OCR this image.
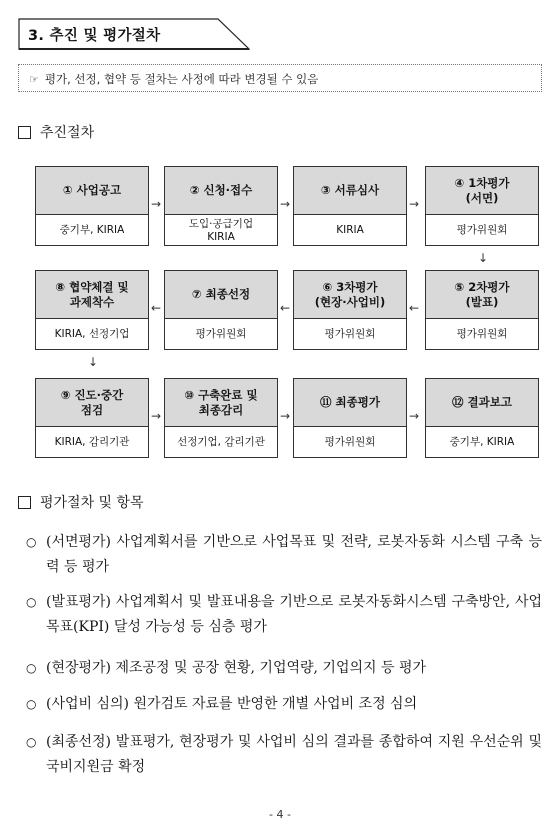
3. 추진 및 평가절차
☞ 평가, 선정, 협약 등 절차는 사정에 따라 변경될 수 있음
추진절차
① 사업공고
중기부, KIRIA
② 신청·접수
도입·공급기업
KIRIA
③ 서류심사
KIRIA
④ 1차평가
(서면)
평가위원회
⑤ 2차평가
(발표)
평가위원회
⑥ 3차평가
(현장·사업비)
평가위원회
⑦ 최종선정
평가위원회
⑧ 협약체결 및
과제착수
KIRIA, 선정기업
⑨ 진도·중간
점검
KIRIA, 감리기관
⑩ 구축완료 및
최종감리
선정기업, 감리기관
⑪ 최종평가
평가위원회
⑫ 결과보고
중기부, KIRIA
→
←
→
→
←
→
→
←
→
↓
↓
평가절차 및 항목
○ (서면평가) 사업계획서를 기반으로 사업목표 및 전략, 로봇자동화 시스템 구축 능력 등 평가
○ (발표평가) 사업계획서 및 발표내용을 기반으로 로봇자동화시스템 구축방안, 사업목표(KPI) 달성 가능성 등 심층 평가
○ (현장평가) 제조공정 및 공장 현황, 기업역량, 기업의지 등 평가
○ (사업비 심의) 원가검토 자료를 반영한 개별 사업비 조정 심의
○ (최종선정) 발표평가, 현장평가 및 사업비 심의 결과를 종합하여 지원 우선순위 및 국비지원금 확정
- 4 -
